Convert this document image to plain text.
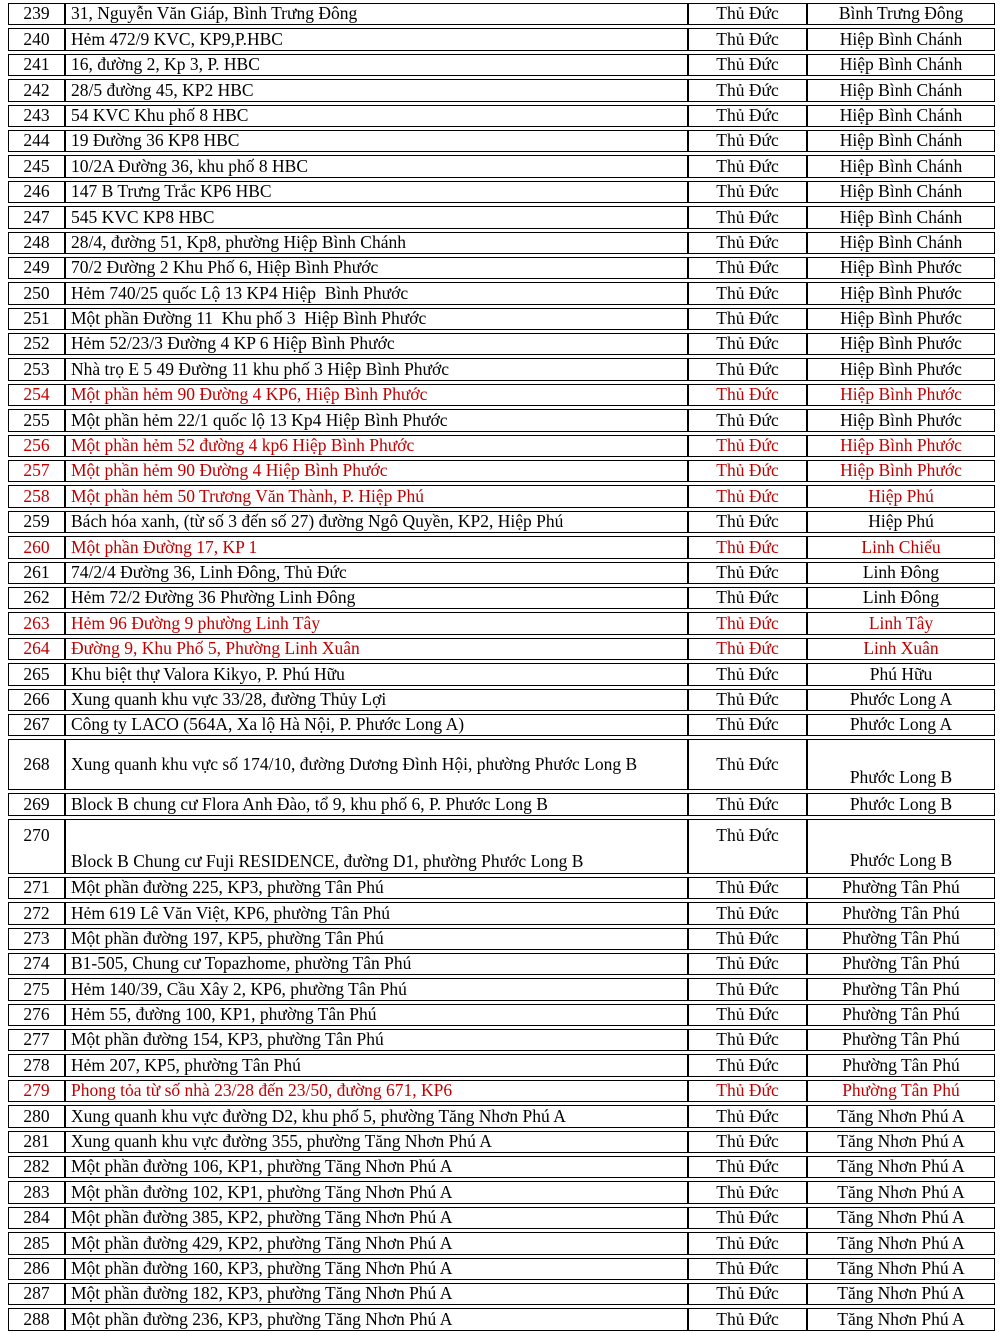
239	31, Nguyễn Văn Giáp, Bình Trưng Đông	Thủ Đức	Bình Trưng Đông
240	Hẻm 472/9 KVC, KP9,P.HBC	Thủ Đức	Hiệp Bình Chánh
241	16, đường 2, Kp 3, P. HBC	Thủ Đức	Hiệp Bình Chánh
242	28/5 đường 45, KP2 HBC	Thủ Đức	Hiệp Bình Chánh
243	54 KVC Khu phố 8 HBC	Thủ Đức	Hiệp Bình Chánh
244	19 Đường 36 KP8 HBC	Thủ Đức	Hiệp Bình Chánh
245	10/2A Đường 36, khu phố 8 HBC	Thủ Đức	Hiệp Bình Chánh
246	147 B Trưng Trắc KP6 HBC	Thủ Đức	Hiệp Bình Chánh
247	545 KVC KP8 HBC	Thủ Đức	Hiệp Bình Chánh
248	28/4, đường 51, Kp8, phường Hiệp Bình Chánh	Thủ Đức	Hiệp Bình Chánh
249	70/2 Đường 2 Khu Phố 6, Hiệp Bình Phước	Thủ Đức	Hiệp Bình Phước
250	Hẻm 740/25 quốc Lộ 13 KP4 Hiệp  Bình Phước	Thủ Đức	Hiệp Bình Phước
251	Một phần Đường 11  Khu phố 3  Hiệp Bình Phước	Thủ Đức	Hiệp Bình Phước
252	Hẻm 52/23/3 Đường 4 KP 6 Hiệp Bình Phước	Thủ Đức	Hiệp Bình Phước
253	Nhà trọ E 5 49 Đường 11 khu phố 3 Hiệp Bình Phước	Thủ Đức	Hiệp Bình Phước
254	Một phần hẻm 90 Đường 4 KP6, Hiệp Bình Phước	Thủ Đức	Hiệp Bình Phước
255	Một phần hẻm 22/1 quốc lộ 13 Kp4 Hiệp Bình Phước	Thủ Đức	Hiệp Bình Phước
256	Một phần hẻm 52 đường 4 kp6 Hiệp Bình Phước	Thủ Đức	Hiệp Bình Phước
257	Một phần hẻm 90 Đường 4 Hiệp Bình Phước	Thủ Đức	Hiệp Bình Phước
258	Một phần hẻm 50 Trương Văn Thành, P. Hiệp Phú	Thủ Đức	Hiệp Phú
259	Bách hóa xanh, (từ số 3 đến số 27) đường Ngô Quyền, KP2, Hiệp Phú	Thủ Đức	Hiệp Phú
260	Một phần Đường 17, KP 1	Thủ Đức	Linh Chiểu
261	74/2/4 Đường 36, Linh Đông, Thủ Đức	Thủ Đức	Linh Đông
262	Hẻm 72/2 Đường 36 Phường Linh Đông	Thủ Đức	Linh Đông
263	Hẻm 96 Đường 9 phường Linh Tây	Thủ Đức	Linh Tây
264	Đường 9, Khu Phố 5, Phường Linh Xuân	Thủ Đức	Linh Xuân
265	Khu biệt thự Valora Kikyo, P. Phú Hữu	Thủ Đức	Phú Hữu
266	Xung quanh khu vực 33/28, đường Thủy Lợi	Thủ Đức	Phước Long A
267	Công ty LACO (564A, Xa lộ Hà Nội, P. Phước Long A)	Thủ Đức	Phước Long A
268	Xung quanh khu vực số 174/10, đường Dương Đình Hội, phường Phước Long B	Thủ Đức	Phước Long B
269	Block B chung cư Flora Anh Đào, tổ 9, khu phố 6, P. Phước Long B	Thủ Đức	Phước Long B
270	Block B Chung cư Fuji RESIDENCE, đường D1, phường Phước Long B	Thủ Đức	Phước Long B
271	Một phần đường 225, KP3, phường Tân Phú	Thủ Đức	Phường Tân Phú
272	Hẻm 619 Lê Văn Việt, KP6, phường Tân Phú	Thủ Đức	Phường Tân Phú
273	Một phần đường 197, KP5, phường Tân Phú	Thủ Đức	Phường Tân Phú
274	B1-505, Chung cư Topazhome, phường Tân Phú	Thủ Đức	Phường Tân Phú
275	Hẻm 140/39, Cầu Xây 2, KP6, phường Tân Phú	Thủ Đức	Phường Tân Phú
276	Hẻm 55, đường 100, KP1, phường Tân Phú	Thủ Đức	Phường Tân Phú
277	Một phần đường 154, KP3, phường Tân Phú	Thủ Đức	Phường Tân Phú
278	Hẻm 207, KP5, phường Tân Phú	Thủ Đức	Phường Tân Phú
279	Phong tỏa từ số nhà 23/28 đến 23/50, đường 671, KP6	Thủ Đức	Phường Tân Phú
280	Xung quanh khu vực đường D2, khu phố 5, phường Tăng Nhơn Phú A	Thủ Đức	Tăng Nhơn Phú A
281	Xung quanh khu vực đường 355, phường Tăng Nhơn Phú A	Thủ Đức	Tăng Nhơn Phú A
282	Một phần đường 106, KP1, phường Tăng Nhơn Phú A	Thủ Đức	Tăng Nhơn Phú A
283	Một phần đường 102, KP1, phường Tăng Nhơn Phú A	Thủ Đức	Tăng Nhơn Phú A
284	Một phần đường 385, KP2, phường Tăng Nhơn Phú A	Thủ Đức	Tăng Nhơn Phú A
285	Một phần đường 429, KP2, phường Tăng Nhơn Phú A	Thủ Đức	Tăng Nhơn Phú A
286	Một phần đường 160, KP3, phường Tăng Nhơn Phú A	Thủ Đức	Tăng Nhơn Phú A
287	Một phần đường 182, KP3, phường Tăng Nhơn Phú A	Thủ Đức	Tăng Nhơn Phú A
288	Một phần đường 236, KP3, phường Tăng Nhơn Phú A	Thủ Đức	Tăng Nhơn Phú A
